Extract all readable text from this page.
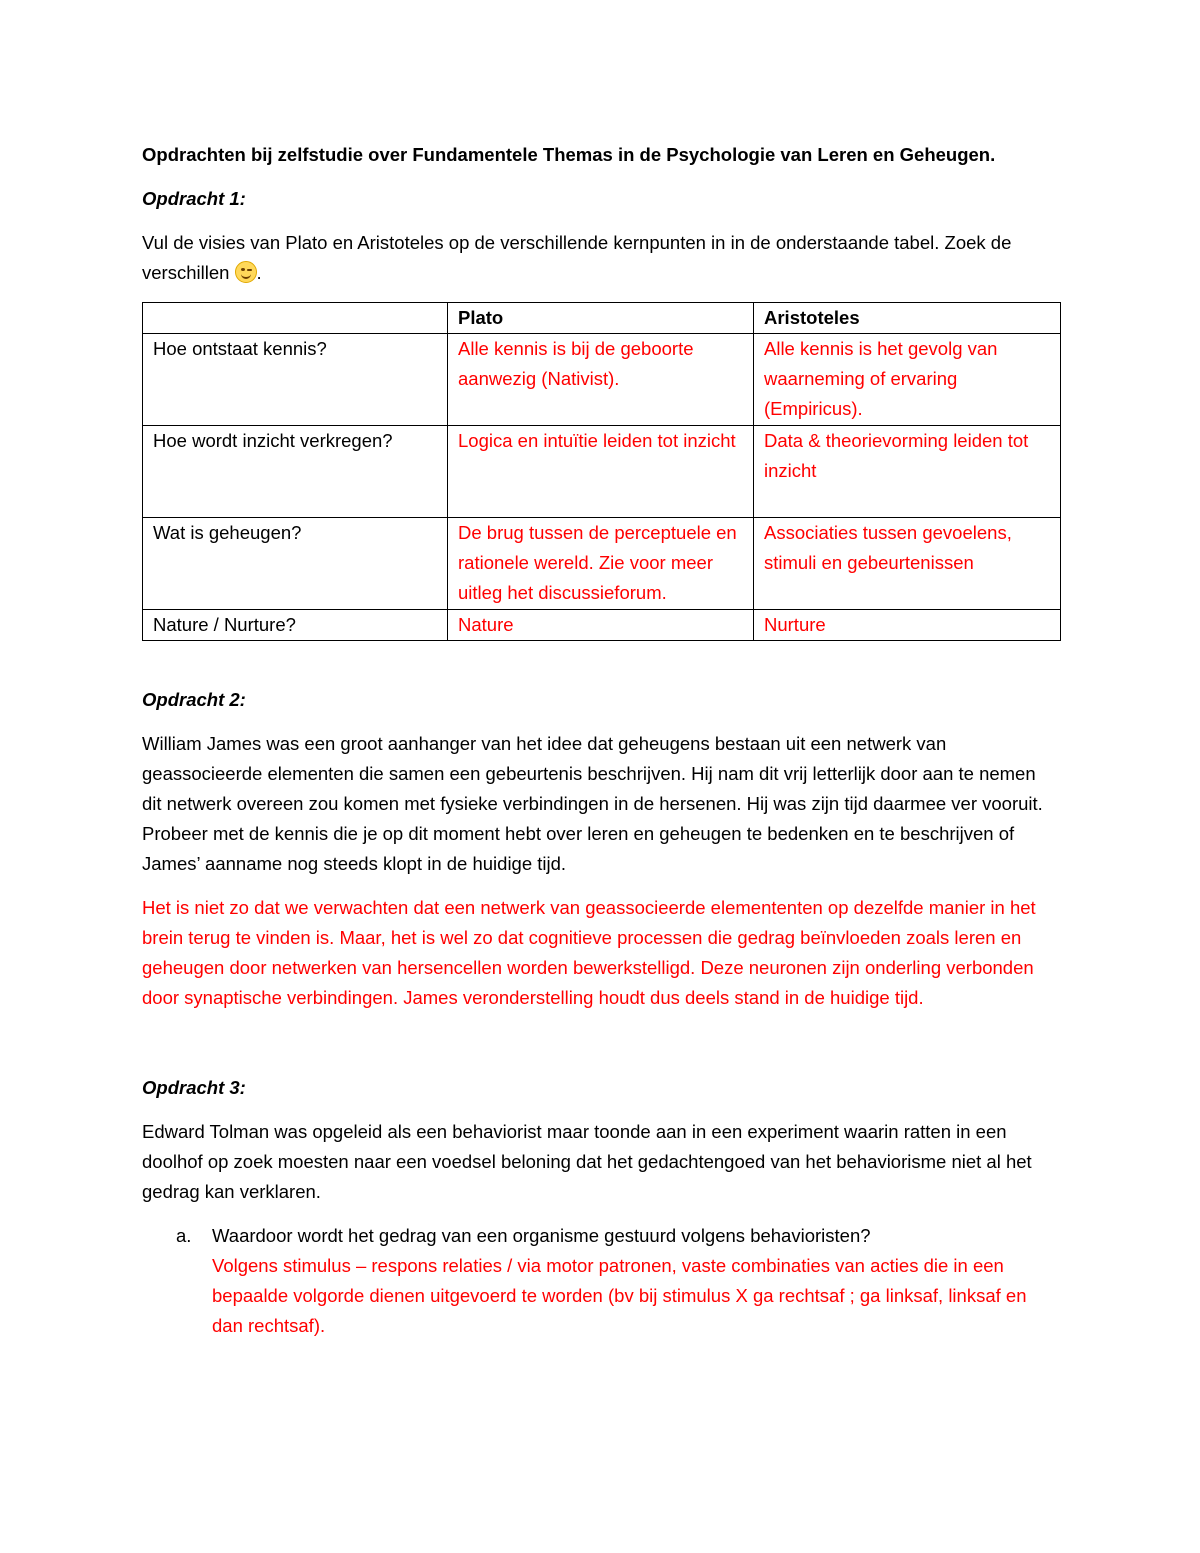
Opdrachten bij zelfstudie over Fundamentele Themas in de Psychologie van Leren en Geheugen.
Opdracht 1:

Vul de visies van Plato en Aristoteles op de verschillende kernpunten in in de onderstaande tabel. Zoek de verschillen .

	Plato	Aristoteles
Hoe ontstaat kennis?	Alle kennis is bij de geboorte aanwezig (Nativist).	Alle kennis is het gevolg van waarneming of ervaring (Empiricus).
Hoe wordt inzicht verkregen?	Logica en intuïtie leiden tot inzicht	Data & theorievorming leiden tot inzicht
Wat is geheugen?	De brug tussen de perceptuele en rationele wereld. Zie voor meer uitleg het discussieforum.	Associaties tussen gevoelens, stimuli en gebeurtenissen
Nature / Nurture?	Nature	Nurture
Opdracht 2:

William James was een groot aanhanger van het idee dat geheugens bestaan uit een netwerk van geassocieerde elementen die samen een gebeurtenis beschrijven. Hij nam dit vrij letterlijk door aan te nemen dit netwerk overeen zou komen met fysieke verbindingen in de hersenen. Hij was zijn tijd daarmee ver vooruit. Probeer met de kennis die je op dit moment hebt over leren en geheugen te bedenken en te beschrijven of James’ aanname nog steeds klopt in de huidige tijd.

Het is niet zo dat we verwachten dat een netwerk van geassocieerde elemententen op dezelfde manier in het brein terug te vinden is. Maar, het is wel zo dat cognitieve processen die gedrag beïnvloeden zoals leren en geheugen door netwerken van hersencellen worden bewerkstelligd. Deze neuronen zijn onderling verbonden door synaptische verbindingen. James veronderstelling houdt dus deels stand in de huidige tijd.

Opdracht 3:

Edward Tolman was opgeleid als een behaviorist maar toonde aan in een experiment waarin ratten in een doolhof op zoek moesten naar een voedsel beloning dat het gedachtengoed van het behaviorisme niet al het gedrag kan verklaren.

a. Waardoor wordt het gedrag van een organisme gestuurd volgens behavioristen?
Volgens stimulus – respons relaties / via motor patronen, vaste combinaties van acties die in een bepaalde volgorde dienen uitgevoerd te worden (bv bij stimulus X ga rechtsaf ; ga linksaf, linksaf en dan rechtsaf).
